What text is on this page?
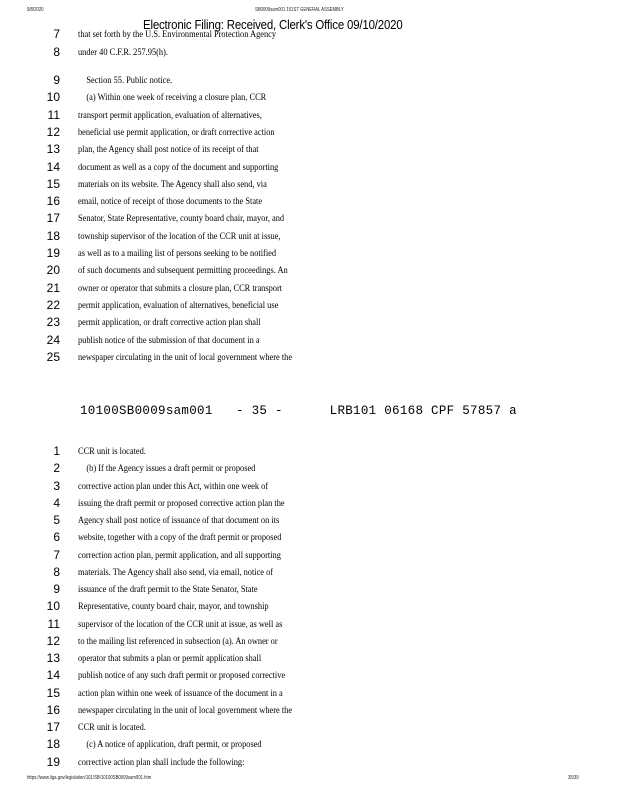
9/8/2020	SB0009sam001 101ST GENERAL ASSEMBLY
Electronic Filing: Received, Clerk's Office 09/10/2020
7 that set forth by the U.S. Environmental Protection Agency
8 under 40 C.F.R. 257.95(h).
9 Section 55. Public notice.
10 (a) Within one week of receiving a closure plan, CCR
11 transport permit application, evaluation of alternatives,
12 beneficial use permit application, or draft corrective action
13 plan, the Agency shall post notice of its receipt of that
14 document as well as a copy of the document and supporting
15 materials on its website. The Agency shall also send, via
16 email, notice of receipt of those documents to the State
17 Senator, State Representative, county board chair, mayor, and
18 township supervisor of the location of the CCR unit at issue,
19 as well as to a mailing list of persons seeking to be notified
20 of such documents and subsequent permitting proceedings. An
21 owner or operator that submits a closure plan, CCR transport
22 permit application, evaluation of alternatives, beneficial use
23 permit application, or draft corrective action plan shall
24 publish notice of the submission of that document in a
25 newspaper circulating in the unit of local government where the
10100SB0009sam001   - 35 -      LRB101 06168 CPF 57857 a
1 CCR unit is located.
2 (b) If the Agency issues a draft permit or proposed
3 corrective action plan under this Act, within one week of
4 issuing the draft permit or proposed corrective action plan the
5 Agency shall post notice of issuance of that document on its
6 website, together with a copy of the draft permit or proposed
7 correction action plan, permit application, and all supporting
8 materials. The Agency shall also send, via email, notice of
9 issuance of the draft permit to the State Senator, State
10 Representative, county board chair, mayor, and township
11 supervisor of the location of the CCR unit at issue, as well as
12 to the mailing list referenced in subsection (a). An owner or
13 operator that submits a plan or permit application shall
14 publish notice of any such draft permit or proposed corrective
15 action plan within one week of issuance of the document in a
16 newspaper circulating in the unit of local government where the
17 CCR unit is located.
18 (c) A notice of application, draft permit, or proposed
19 corrective action plan shall include the following:
https://www.ilga.gov/legislation/101/SB/10100SB0009sam001.htm	35/39
